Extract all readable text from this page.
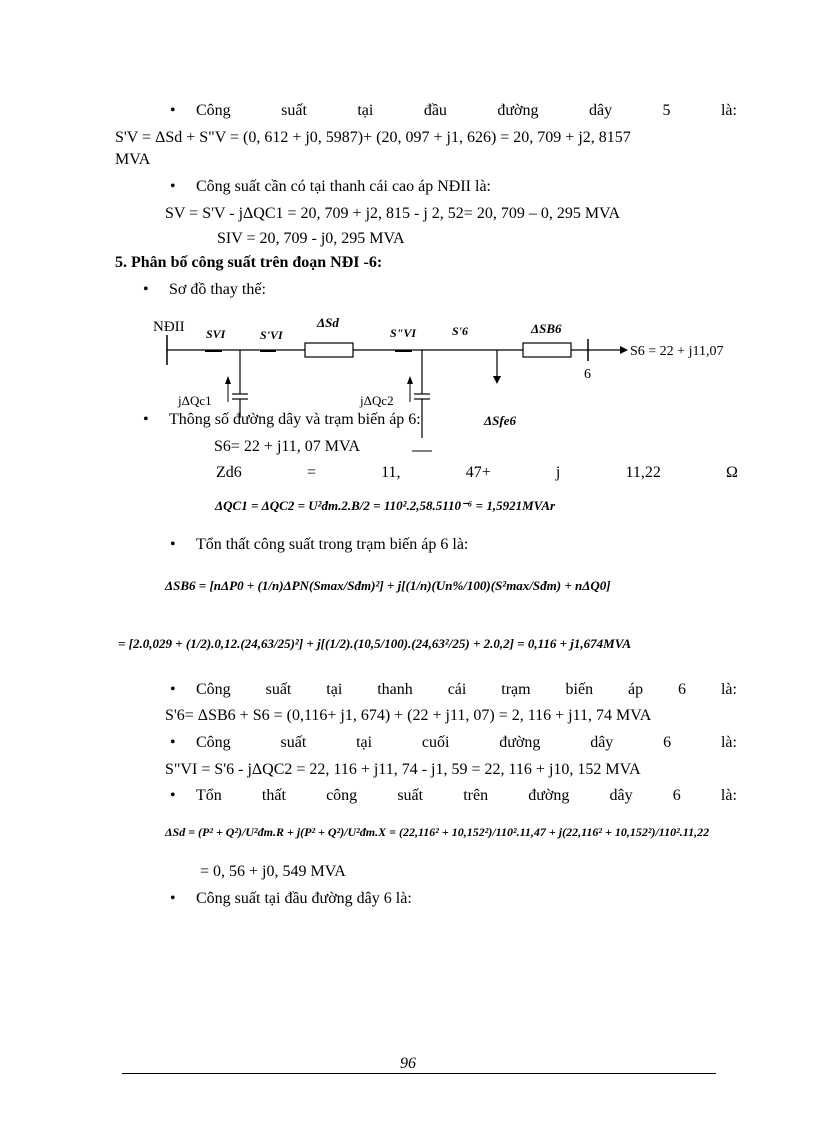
• Công	suất	tại	đầu	đường	dây	5	là:
S'V = ΔSd + S"V = (0, 612 + j0, 5987)+ (20, 097 + j1, 626) = 20, 709 + j2, 8157
MVA
• Công suất cần có tại thanh cái cao áp NĐII là:
SV = S'V - jΔQC1 = 20, 709 + j2, 815 - j 2, 52= 20, 709 – 0, 295 MVA
SIV = 20, 709 - j0, 295 MVA
5. Phân bố công suất trên đoạn NĐI -6:
• Sơ đồ thay thế:
NĐII SVI	S'VI
ΔSd
S"VI	S'6	ΔSB6
S6 = 22 + j11,07
6
jΔQc1	jΔQc2
ΔSfe6
• Thông số đường dây và trạm biến áp 6:
S6= 22 + j11, 07 MVA
Zd6	=	11,	47+	j	11,22	Ω
ΔQC1 = ΔQC2 = U²đm.2.B/2 = 110².2,58.5110⁻⁶ = 1,5921MVAr
• Tổn thất công suất trong trạm biến áp 6 là:
ΔSB6 = [nΔP0 + (1/n)ΔPN(Smax/Sđm)²] + j[(1/n)(Un%/100)(S²max/Sđm) + nΔQ0]
= [2.0,029 + (1/2).0,12.(24,63/25)²] + j[(1/2).(10,5/100).(24,63²/25) + 2.0,2] = 0,116 + j1,674MVA
• Công suất tại thanh cái trạm biến áp 6 là:
S'6= ΔSB6 + S6 = (0,116+ j1, 674) + (22 + j11, 07) = 2, 116 + j11, 74 MVA
• Công	suất	tại	cuối	đường	dây	6	là:
S"VI = S'6 - jΔQC2 = 22, 116 + j11, 74 - j1, 59 = 22, 116 + j10, 152 MVA
• Tổn	thất	công	suất	trên	đường	dây	6	là:
ΔSd = (P² + Q²)/U²đm.R + j(P² + Q²)/U²đm.X = (22,116² + 10,152²)/110².11,47 + j(22,116² + 10,152²)/110².11,22
= 0, 56 + j0, 549 MVA
• Công suất tại đầu đường dây 6 là:
96
